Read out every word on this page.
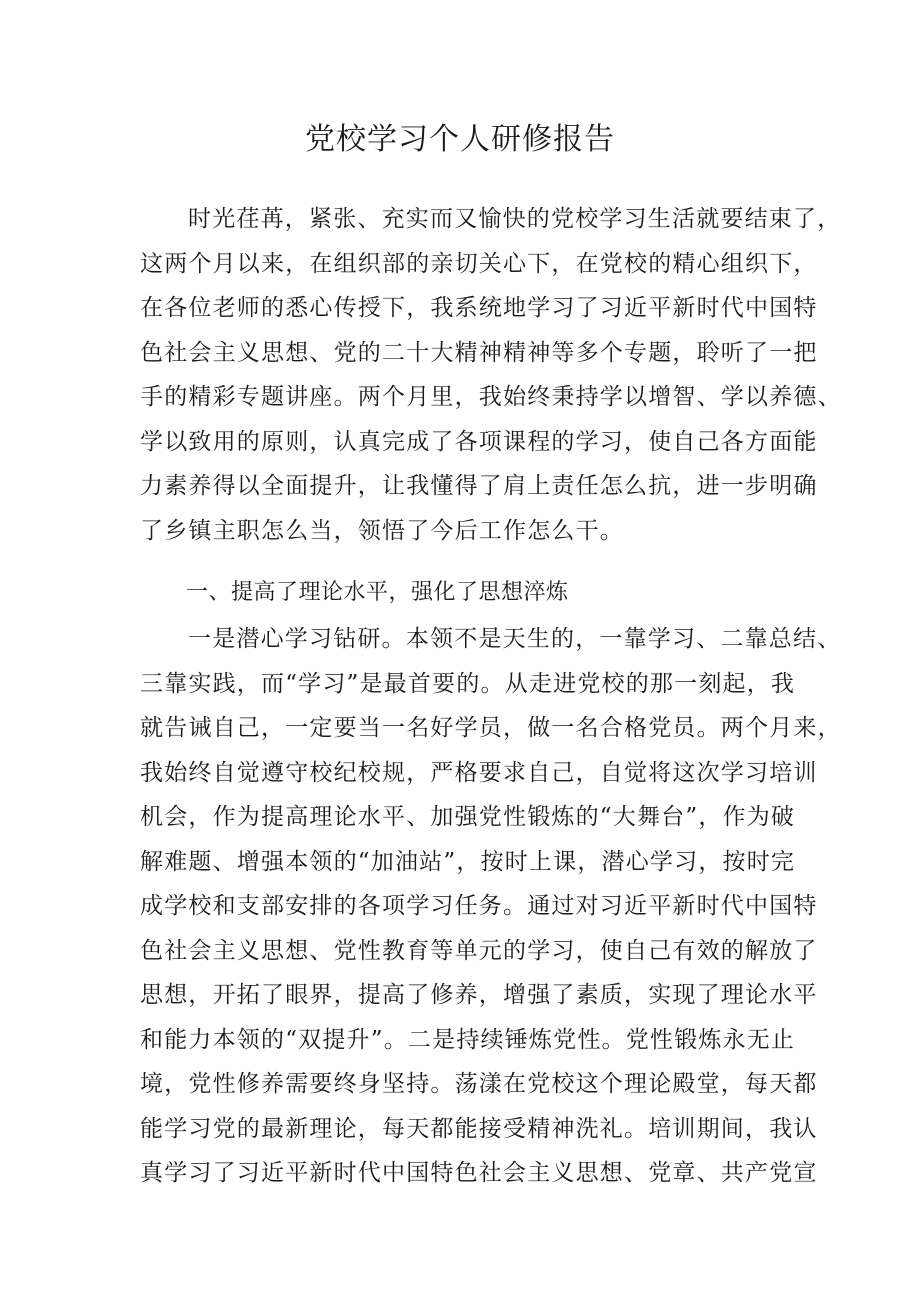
党校学习个人研修报告
时光荏苒，紧张、充实而又愉快的党校学习生活就要结束了，
这两个月以来，在组织部的亲切关心下，在党校的精心组织下，
在各位老师的悉心传授下，我系统地学习了习近平新时代中国特
色社会主义思想、党的二十大精神精神等多个专题，聆听了一把
手的精彩专题讲座。两个月里，我始终秉持学以增智、学以养德、
学以致用的原则，认真完成了各项课程的学习，使自己各方面能
力素养得以全面提升，让我懂得了肩上责任怎么抗，进一步明确
了乡镇主职怎么当，领悟了今后工作怎么干。
一、提高了理论水平，强化了思想淬炼
一是潜心学习钻研。本领不是天生的，一靠学习、二靠总结、
三靠实践，而“学习”是最首要的。从走进党校的那一刻起，我
就告诫自己，一定要当一名好学员，做一名合格党员。两个月来，
我始终自觉遵守校纪校规，严格要求自己，自觉将这次学习培训
机会，作为提高理论水平、加强党性锻炼的“大舞台”，作为破
解难题、增强本领的“加油站”，按时上课，潜心学习，按时完
成学校和支部安排的各项学习任务。通过对习近平新时代中国特
色社会主义思想、党性教育等单元的学习，使自己有效的解放了
思想，开拓了眼界，提高了修养，增强了素质，实现了理论水平
和能力本领的“双提升”。二是持续锤炼党性。党性锻炼永无止
境，党性修养需要终身坚持。荡漾在党校这个理论殿堂，每天都
能学习党的最新理论，每天都能接受精神洗礼。培训期间，我认
真学习了习近平新时代中国特色社会主义思想、党章、共产党宣
